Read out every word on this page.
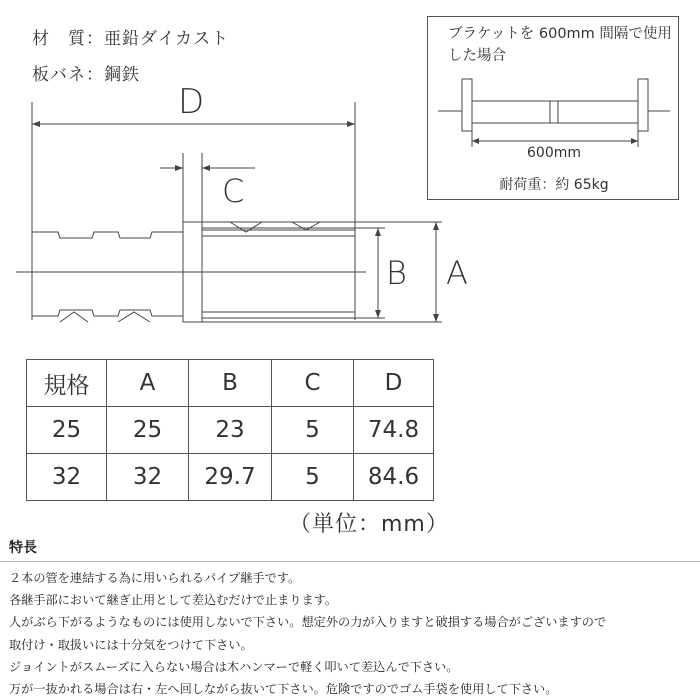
材　質：亜鉛ダイカスト
板バネ：鋼鉄
D
C
B A
ブラケットを 600mm 間隔で使用した場合
600mm
耐荷重：約 65kg
規格	A	B	C	D
25	25	23	5	74.8
32	32	29.7	5	84.6
（単位：mm）
特長
２本の管を連結する為に用いられるパイプ継手です。
各継手部において継ぎ止用として差込むだけで止まります。
人がぶら下がるようなものには使用しないで下さい。想定外の力が入りますと破損する場合がございますので
取付け・取扱いには十分気をつけて下さい。
ジョイントがスムーズに入らない場合は木ハンマーで軽く叩いて差込んで下さい。
万が一抜かれる場合は右・左へ回しながら抜いて下さい。危険ですのでゴム手袋を使用して下さい。
